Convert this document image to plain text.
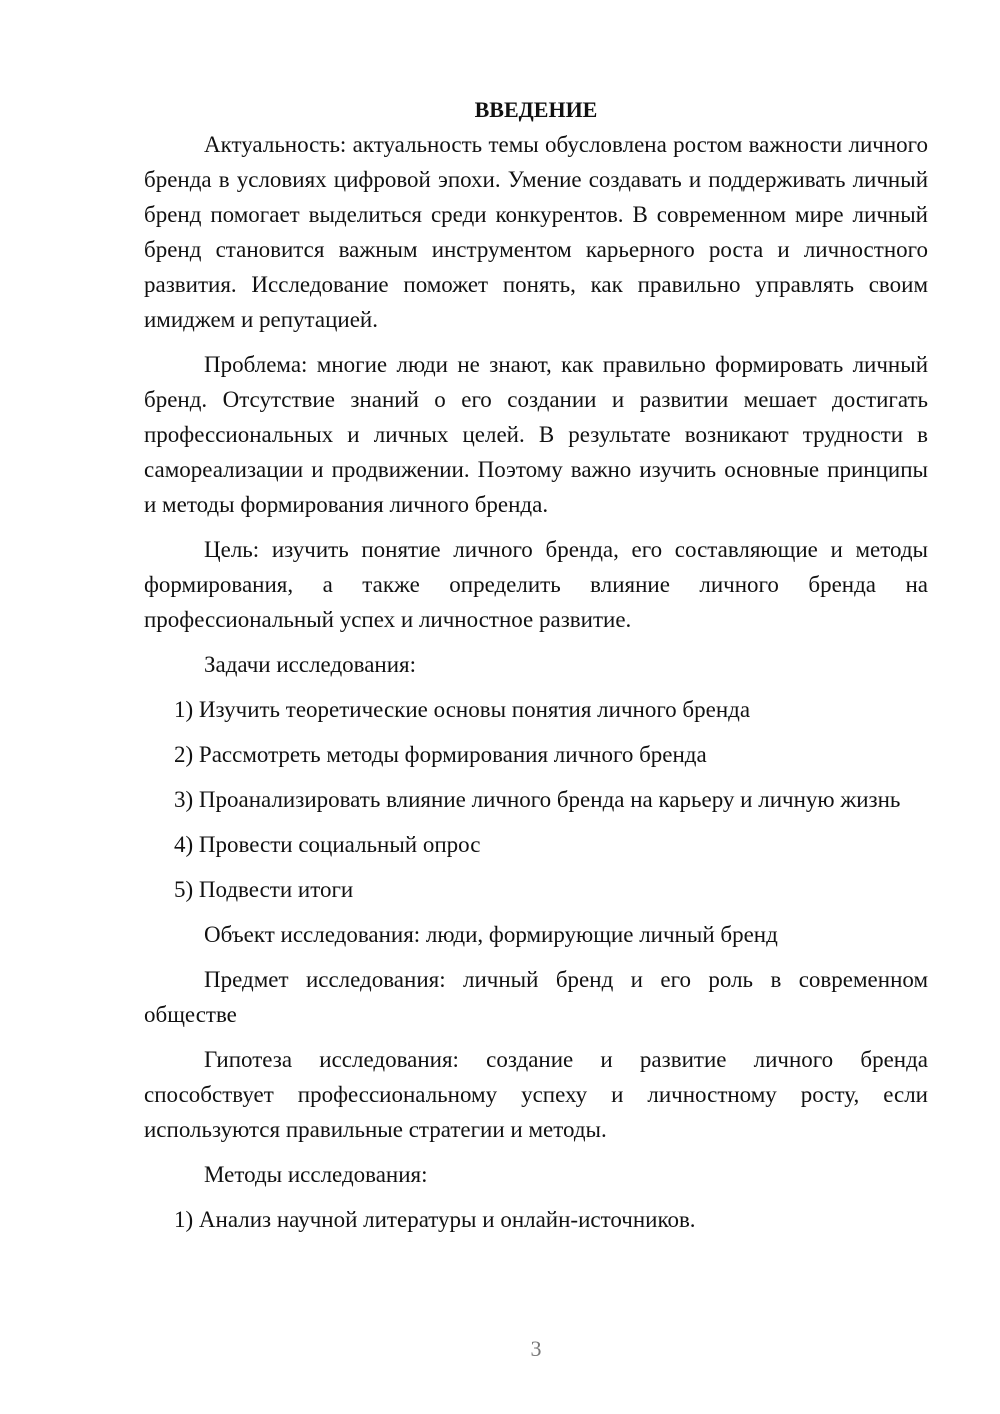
ВВЕДЕНИЕ

Актуальность: актуальность темы обусловлена ростом важности личного бренда в условиях цифровой эпохи. Умение создавать и поддерживать личный бренд помогает выделиться среди конкурентов. В современном мире личный бренд становится важным инструментом карьерного роста и личностного развития. Исследование поможет понять, как правильно управлять своим имиджем и репутацией.

Проблема: многие люди не знают, как правильно формировать личный бренд. Отсутствие знаний о его создании и развитии мешает достигать профессиональных и личных целей. В результате возникают трудности в самореализации и продвижении. Поэтому важно изучить основные принципы и методы формирования личного бренда.

Цель: изучить понятие личного бренда, его составляющие и методы формирования, а также определить влияние личного бренда на профессиональный успех и личностное развитие.

Задачи исследования:

1) Изучить теоретические основы понятия личного бренда

2) Рассмотреть методы формирования личного бренда

3) Проанализировать влияние личного бренда на карьеру и личную жизнь

4) Провести социальный опрос

5) Подвести итоги

Объект исследования: люди, формирующие личный бренд

Предмет исследования: личный бренд и его роль в современном обществе

Гипотеза исследования: создание и развитие личного бренда способствует профессиональному успеху и личностному росту, если используются правильные стратегии и методы.

Методы исследования:

1) Анализ научной литературы и онлайн-источников.

3
